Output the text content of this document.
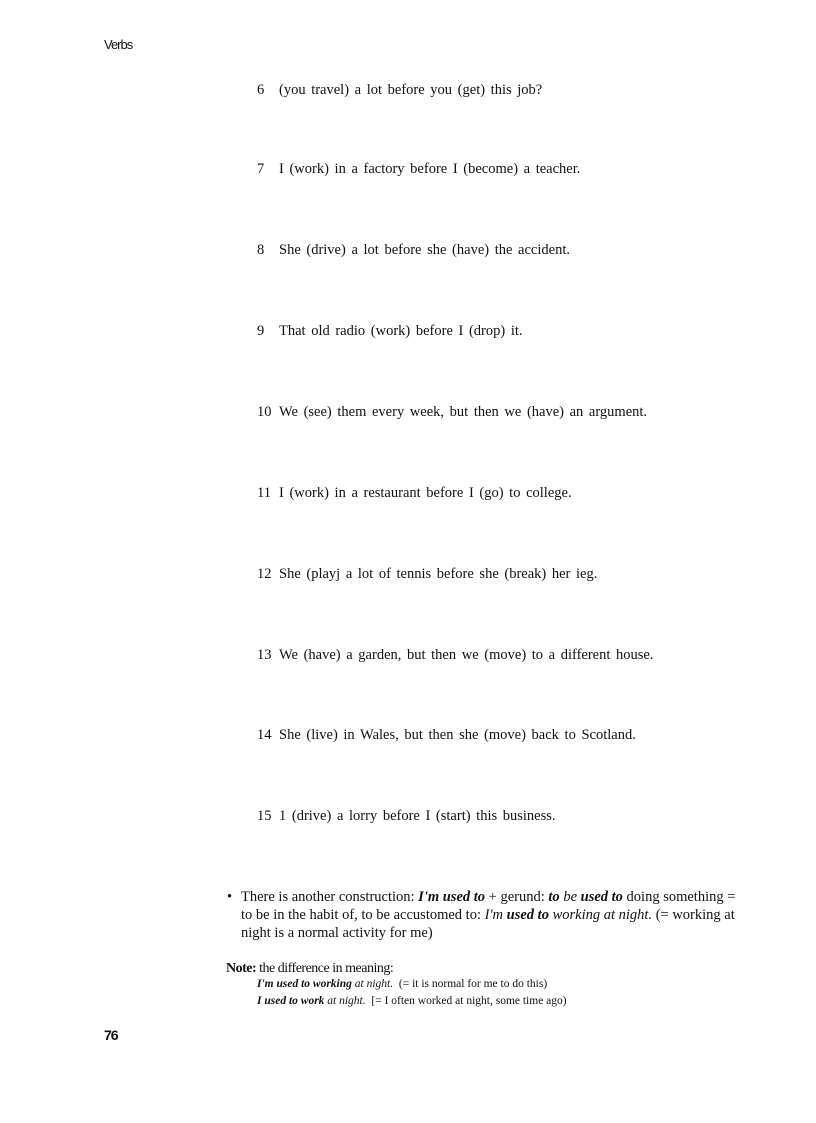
Verbs
6 (you travel) a lot before you (get) this job?
7 I (work) in a factory before I (become) a teacher.
8 She (drive) a lot before she (have) the accident.
9 That old radio (work) before I (drop) it.
10 We (see) them every week, but then we (have) an argument.
11 I (work) in a restaurant before I (go) to college.
12 She (playj a lot of tennis before she (break) her ieg.
13 We (have) a garden, but then we (move) to a different house.
14 She (live) in Wales, but then she (move) back to Scotland.
15 1 (drive) a lorry before I (start) this business.
• There is another construction: I'm used to + gerund: to be used to doing something = to be in the habit of, to be accustomed to: I'm used to working at night. (= working at night is a normal activity for me)
Note: the difference in meaning:
I'm used to working at night.  (= it is normal for me to do this)
I used to work at night.  [= I often worked at night, some time ago)
76
